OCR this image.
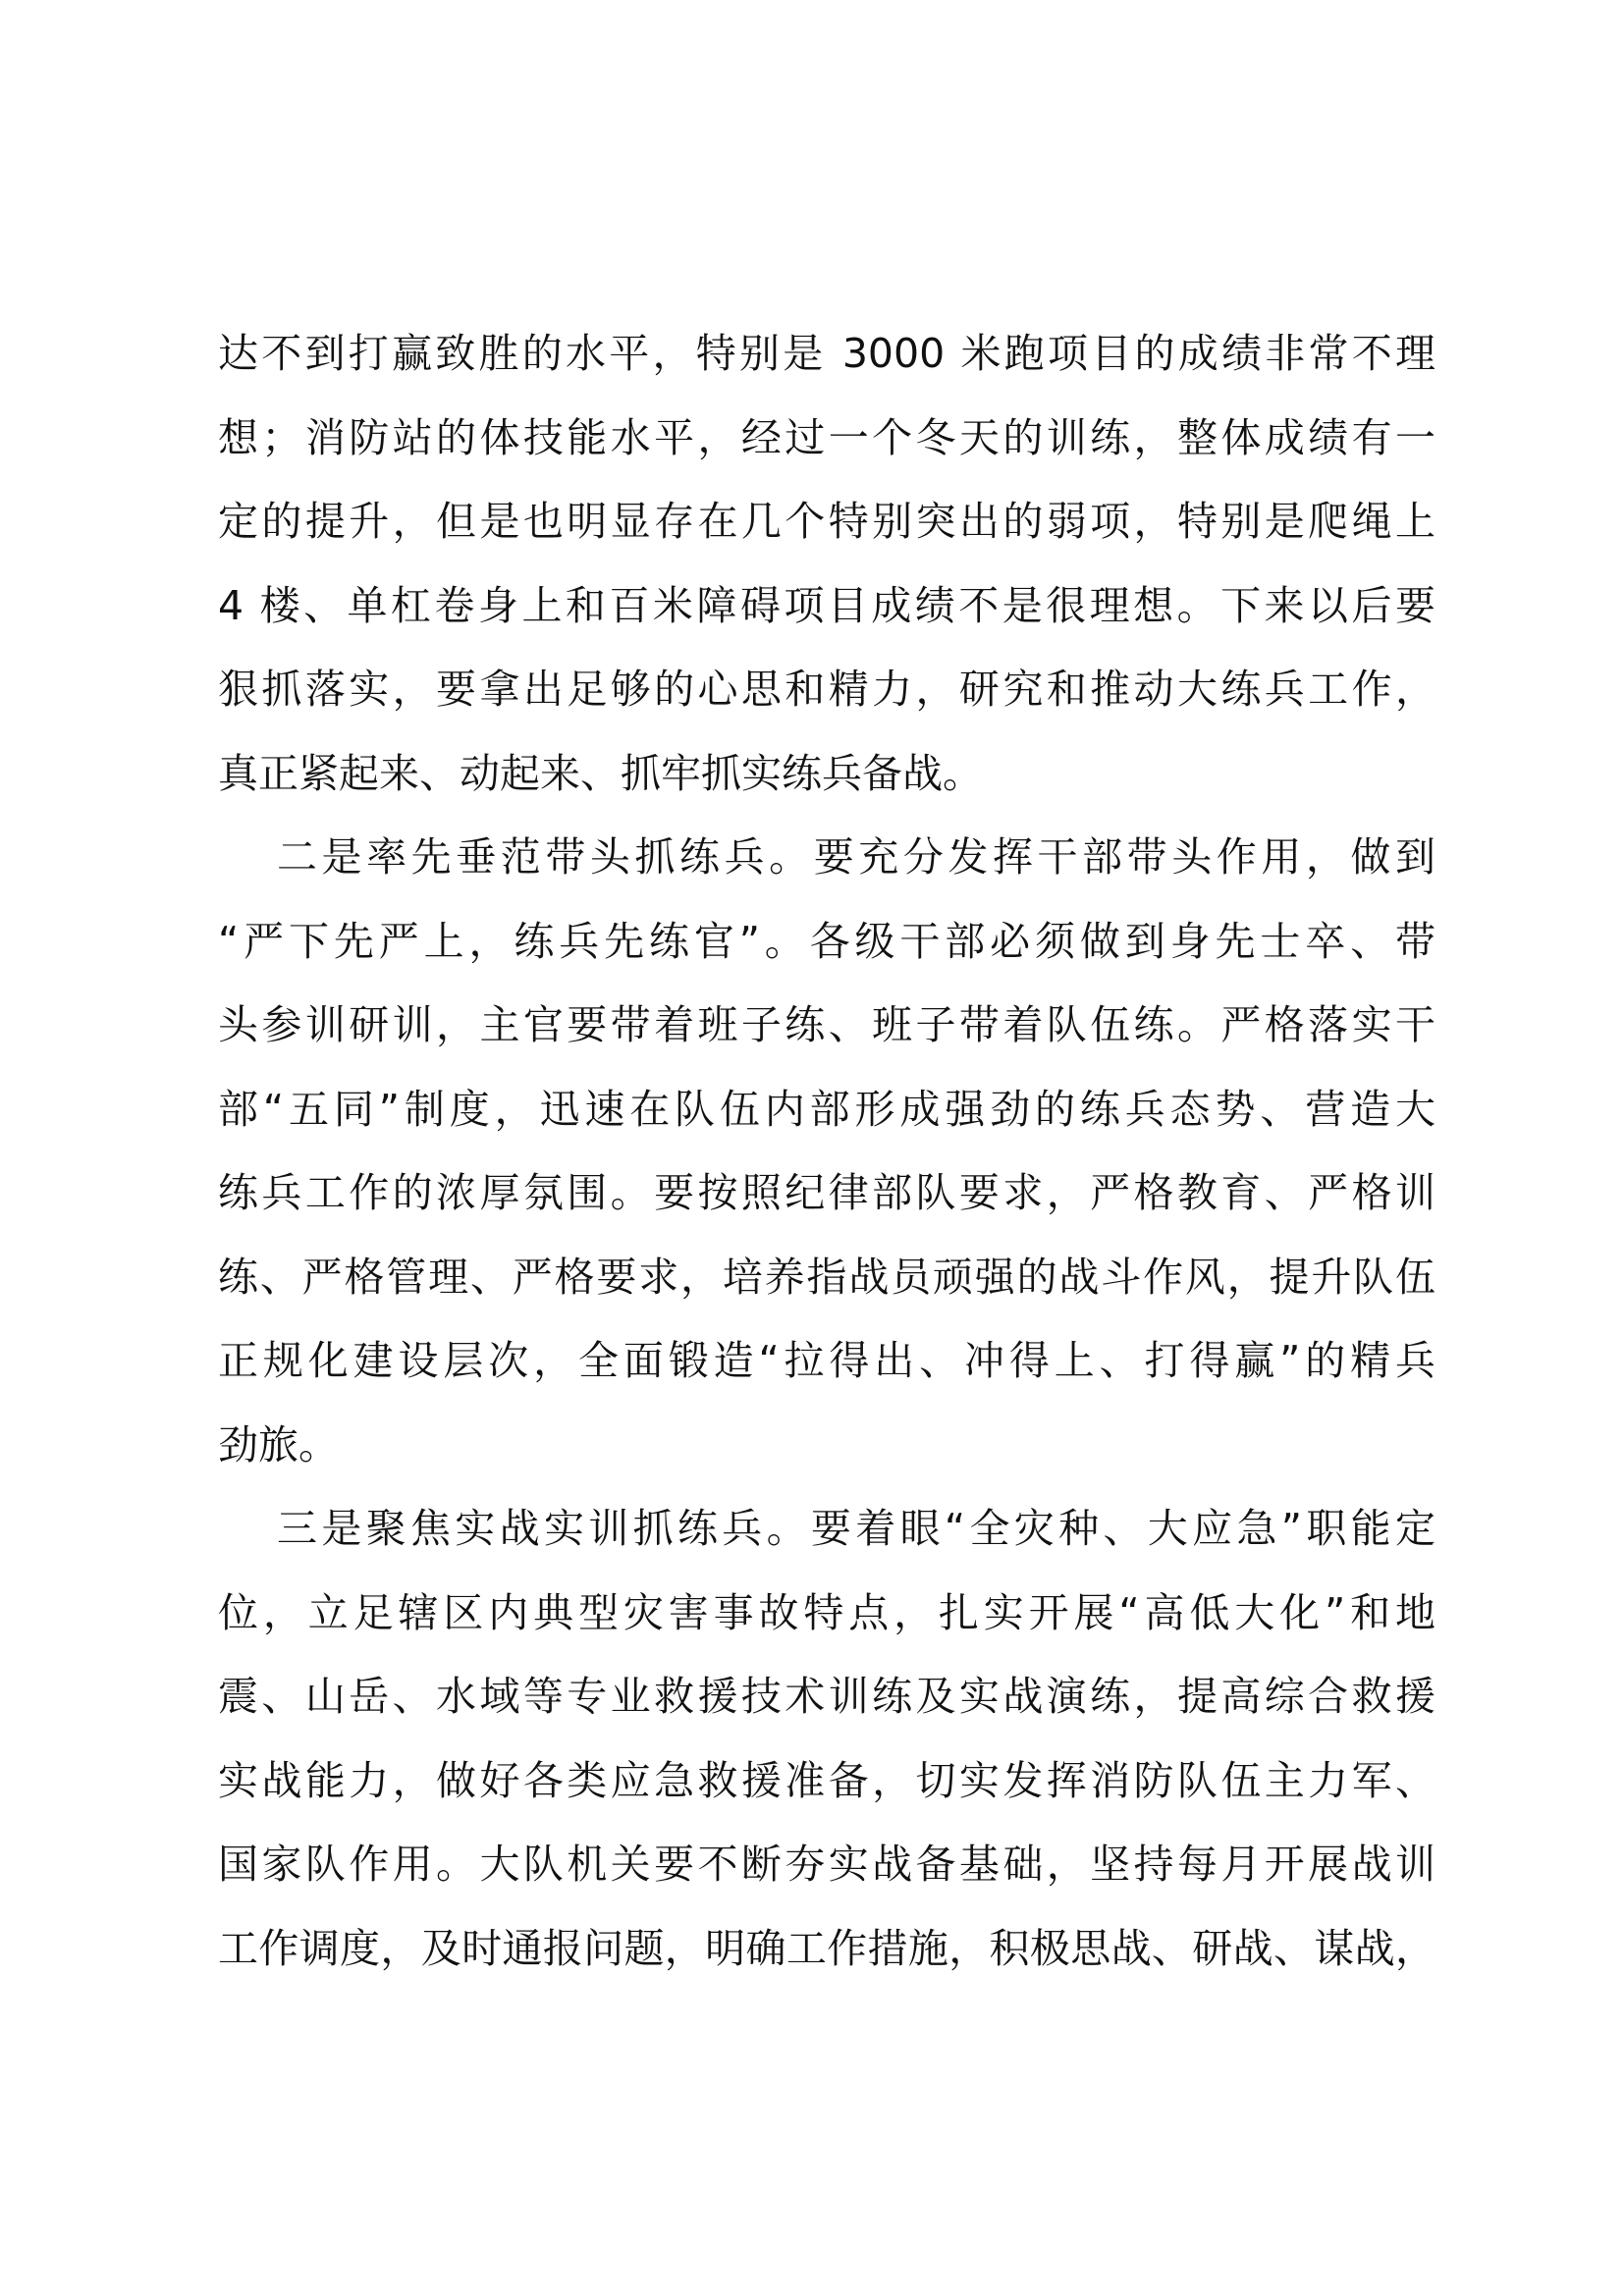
达不到打赢致胜的水平，特别是 3000 米跑项目的成绩非常不理
想；消防站的体技能水平，经过一个冬天的训练，整体成绩有一
定的提升，但是也明显存在几个特别突出的弱项，特别是爬绳上
4 楼、单杠卷身上和百米障碍项目成绩不是很理想。下来以后要
狠抓落实，要拿出足够的心思和精力，研究和推动大练兵工作，
真正紧起来、动起来、抓牢抓实练兵备战。
二是率先垂范带头抓练兵。要充分发挥干部带头作用，做到
“严下先严上，练兵先练官”。各级干部必须做到身先士卒、带
头参训研训，主官要带着班子练、班子带着队伍练。严格落实干
部“五同”制度，迅速在队伍内部形成强劲的练兵态势、营造大
练兵工作的浓厚氛围。要按照纪律部队要求，严格教育、严格训
练、严格管理、严格要求，培养指战员顽强的战斗作风，提升队伍
正规化建设层次，全面锻造“拉得出、冲得上、打得赢”的精兵
劲旅。
三是聚焦实战实训抓练兵。要着眼“全灾种、大应急”职能定
位，立足辖区内典型灾害事故特点，扎实开展“高低大化”和地
震、山岳、水域等专业救援技术训练及实战演练，提高综合救援
实战能力，做好各类应急救援准备，切实发挥消防队伍主力军、
国家队作用。大队机关要不断夯实战备基础，坚持每月开展战训
工作调度，及时通报问题，明确工作措施，积极思战、研战、谋战，
